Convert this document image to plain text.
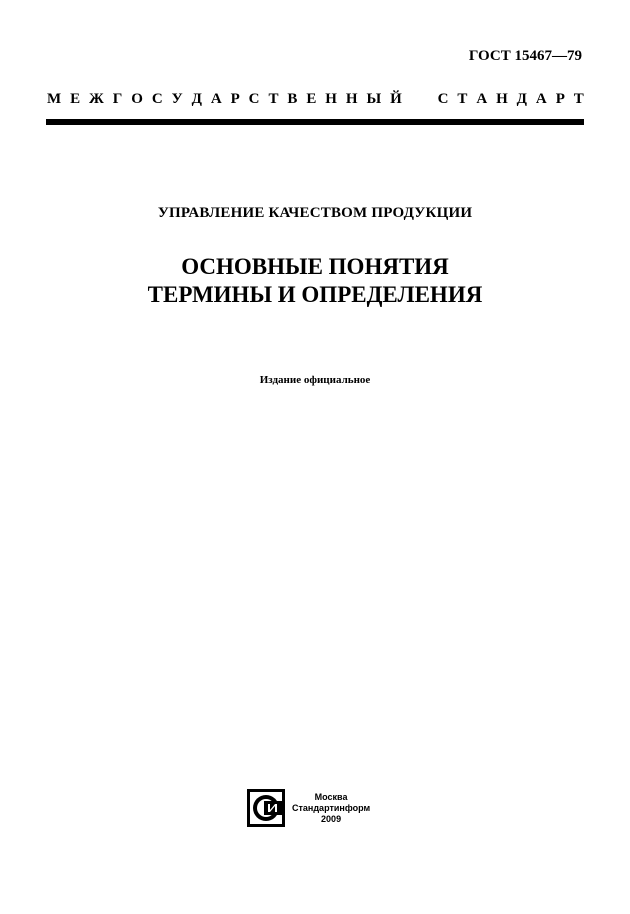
ГОСТ 15467—79
М Е Ж Г О С У Д А Р С Т В Е Н Н Ы Й С Т А Н Д А Р Т
УПРАВЛЕНИЕ КАЧЕСТВОМ ПРОДУКЦИИ
ОСНОВНЫЕ ПОНЯТИЯ
ТЕРМИНЫ И ОПРЕДЕЛЕНИЯ
Издание официальное
Москва
Стандартинформ
2009
